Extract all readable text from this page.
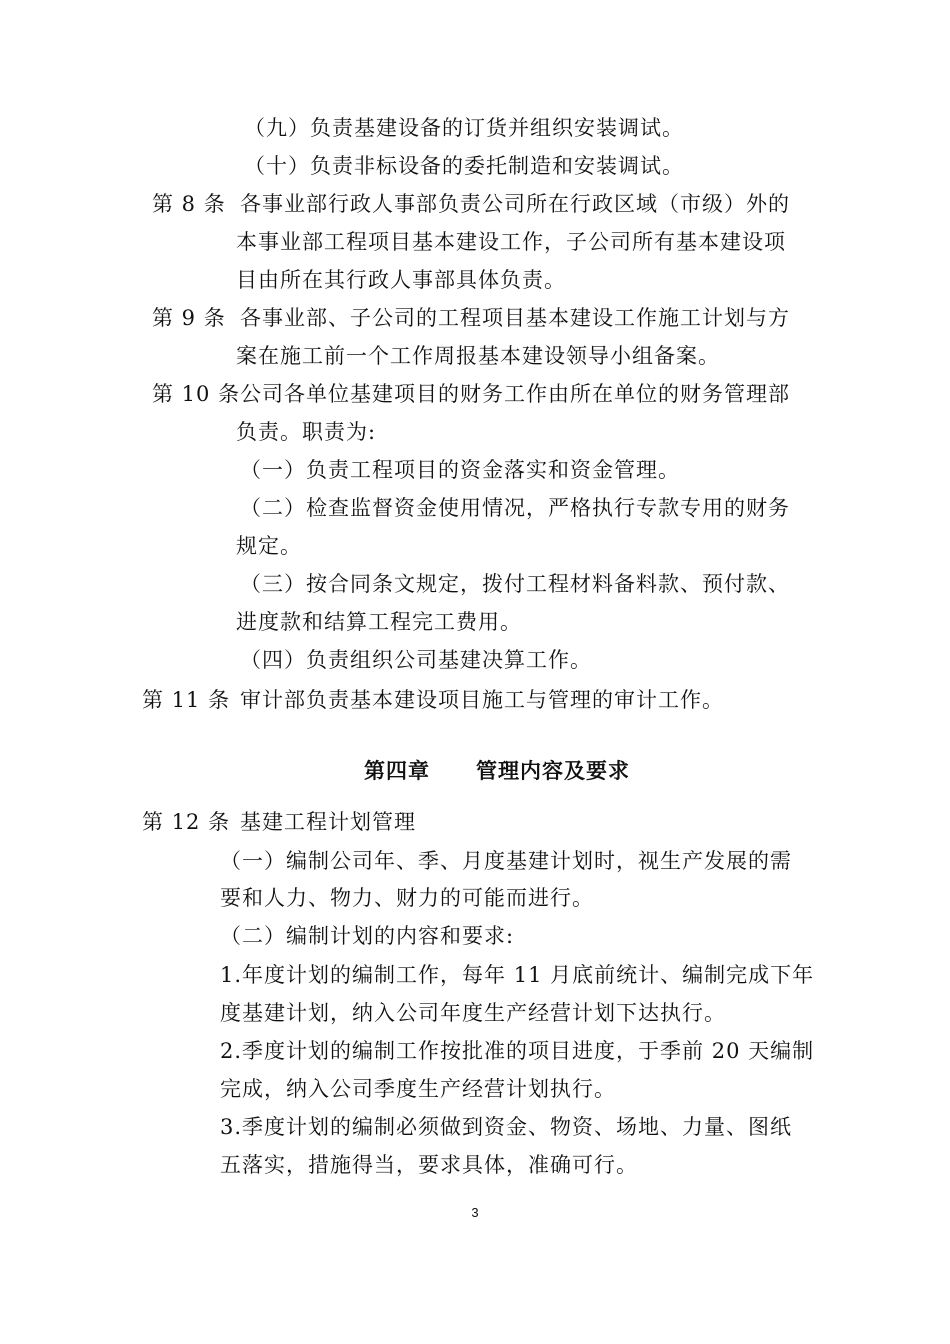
（九）负责基建设备的订货并组织安装调试。
（十）负责非标设备的委托制造和安装调试。
第 8 条 各事业部行政人事部负责公司所在行政区域（市级）外的
本事业部工程项目基本建设工作，子公司所有基本建设项
目由所在其行政人事部具体负责。
第 9 条 各事业部、子公司的工程项目基本建设工作施工计划与方
案在施工前一个工作周报基本建设领导小组备案。
第 10 条 公司各单位基建项目的财务工作由所在单位的财务管理部
负责。职责为:
（一）负责工程项目的资金落实和资金管理。
（二）检查监督资金使用情况，严格执行专款专用的财务
规定。
（三）按合同条文规定，拨付工程材料备料款、预付款、
进度款和结算工程完工费用。
（四）负责组织公司基建决算工作。
第 11 条 审计部负责基本建设项目施工与管理的审计工作。
第四章 管理内容及要求
第 12 条 基建工程计划管理
（一）编制公司年、季、月度基建计划时，视生产发展的需
要和人力、物力、财力的可能而进行。
（二）编制计划的内容和要求:
1.年度计划的编制工作，每年 11 月底前统计、编制完成下年
度基建计划，纳入公司年度生产经营计划下达执行。
2.季度计划的编制工作按批准的项目进度，于季前 20 天编制
完成，纳入公司季度生产经营计划执行。
3.季度计划的编制必须做到资金、物资、场地、力量、图纸
五落实，措施得当，要求具体，准确可行。
3
